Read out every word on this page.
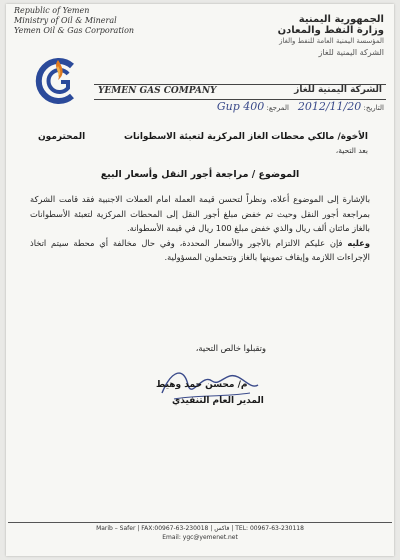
Republic of Yemen
Ministry of Oil & Mineral
Yemen Oil & Gas Corporation
الجمهورية اليمنية
وزارة النفط والمعادن
المؤسسة اليمنية العامة للنفط والغاز
الشركة اليمنية للغاز
YEMEN GAS COMPANY	الشركة اليمنية للغاز
التاريخ: 2012/11/20    المرجع: 400 Gup
الأخوة/ مالكي محطات الغاز المركزية لتعبئة الاسطوانات
المحترمون
بعد التحية،
الموضوع / مراجعة أجور النقل وأسعار البيع

بالإشارة إلى الموضوع أعلاه، ونظراً لتحسن قيمة العملة امام العملات الاجنبية فقد قامت الشركة بمراجعة أجور النقل وحيث تم خفض مبلغ أجور النقل إلى المحطات المركزية لتعبئة الأسطوانات بالغاز مائتان ألف ريال والذي خفض مبلغ 100 ريال في قيمة الأسطوانة.

وعليه فإن عليكم الالتزام بالأجور والأسعار المحددة، وفي حال مخالفة أي محطة سيتم اتخاذ الإجراءات اللازمة وإيقاف تموينها بالغاز وتتحملون المسؤولية.

وتقبلوا خالص التحية،
م/ محسن حمد وهيط
المدير العام التنفيذي
Marib – Safer | FAX:00967-63-230018 | فاكس | TEL: 00967-63-230118
Email: ygc@yemenet.net
